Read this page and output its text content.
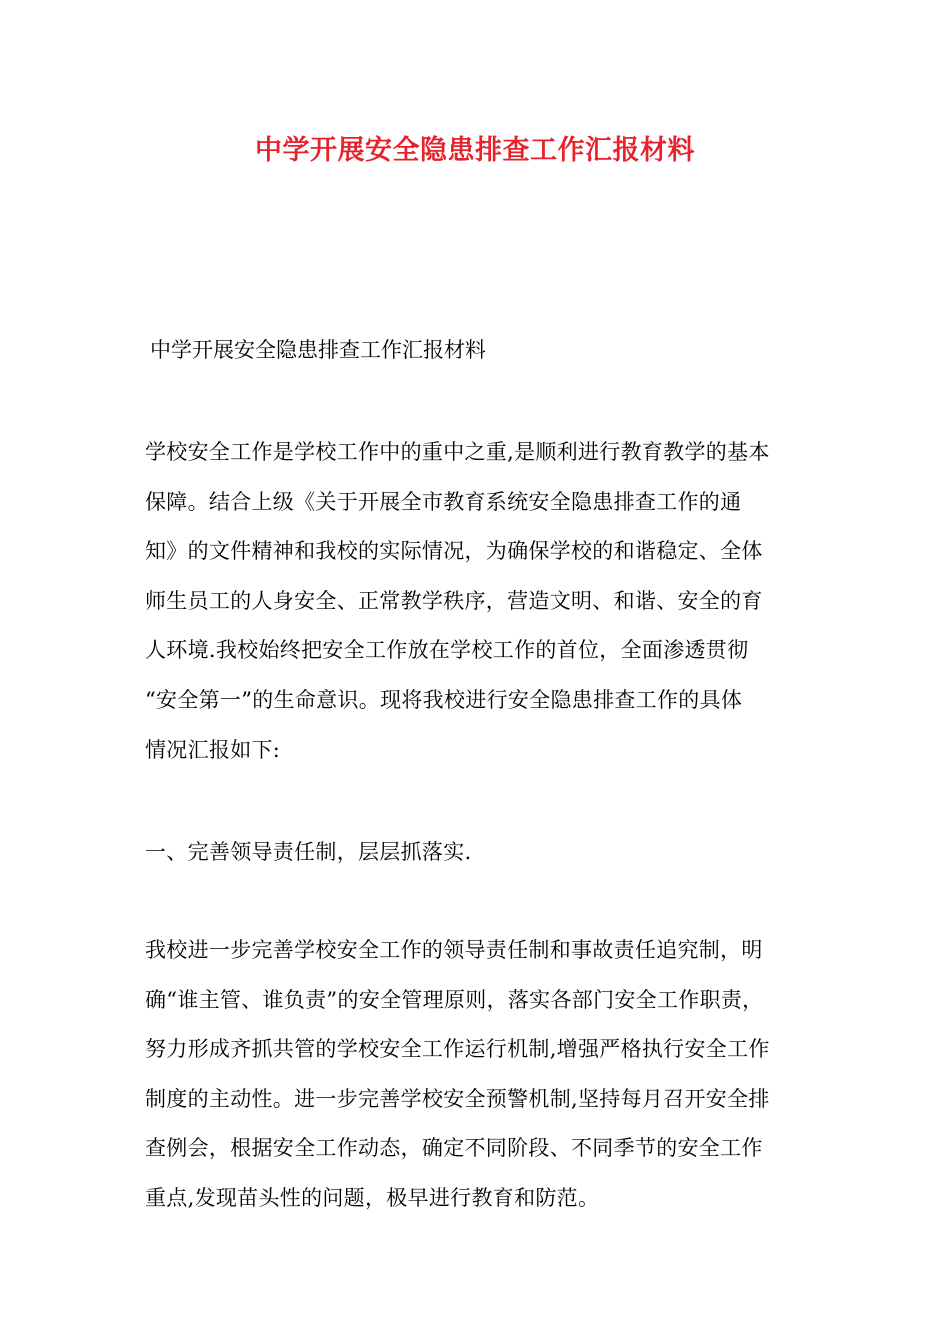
中学开展安全隐患排查工作汇报材料
中学开展安全隐患排查工作汇报材料
学校安全工作是学校工作中的重中之重,是顺利进行教育教学的基本
保障。结合上级《关于开展全市教育系统安全隐患排查工作的通
知》的文件精神和我校的实际情况，为确保学校的和谐稳定、全体
师生员工的人身安全、正常教学秩序，营造文明、和谐、安全的育
人环境.我校始终把安全工作放在学校工作的首位，全面渗透贯彻
“安全第一”的生命意识。现将我校进行安全隐患排查工作的具体
情况汇报如下:
一、完善领导责任制，层层抓落实.
我校进一步完善学校安全工作的领导责任制和事故责任追究制，明
确“谁主管、谁负责”的安全管理原则，落实各部门安全工作职责，
努力形成齐抓共管的学校安全工作运行机制,增强严格执行安全工作
制度的主动性。进一步完善学校安全预警机制,坚持每月召开安全排
查例会，根据安全工作动态，确定不同阶段、不同季节的安全工作
重点,发现苗头性的问题，极早进行教育和防范。
